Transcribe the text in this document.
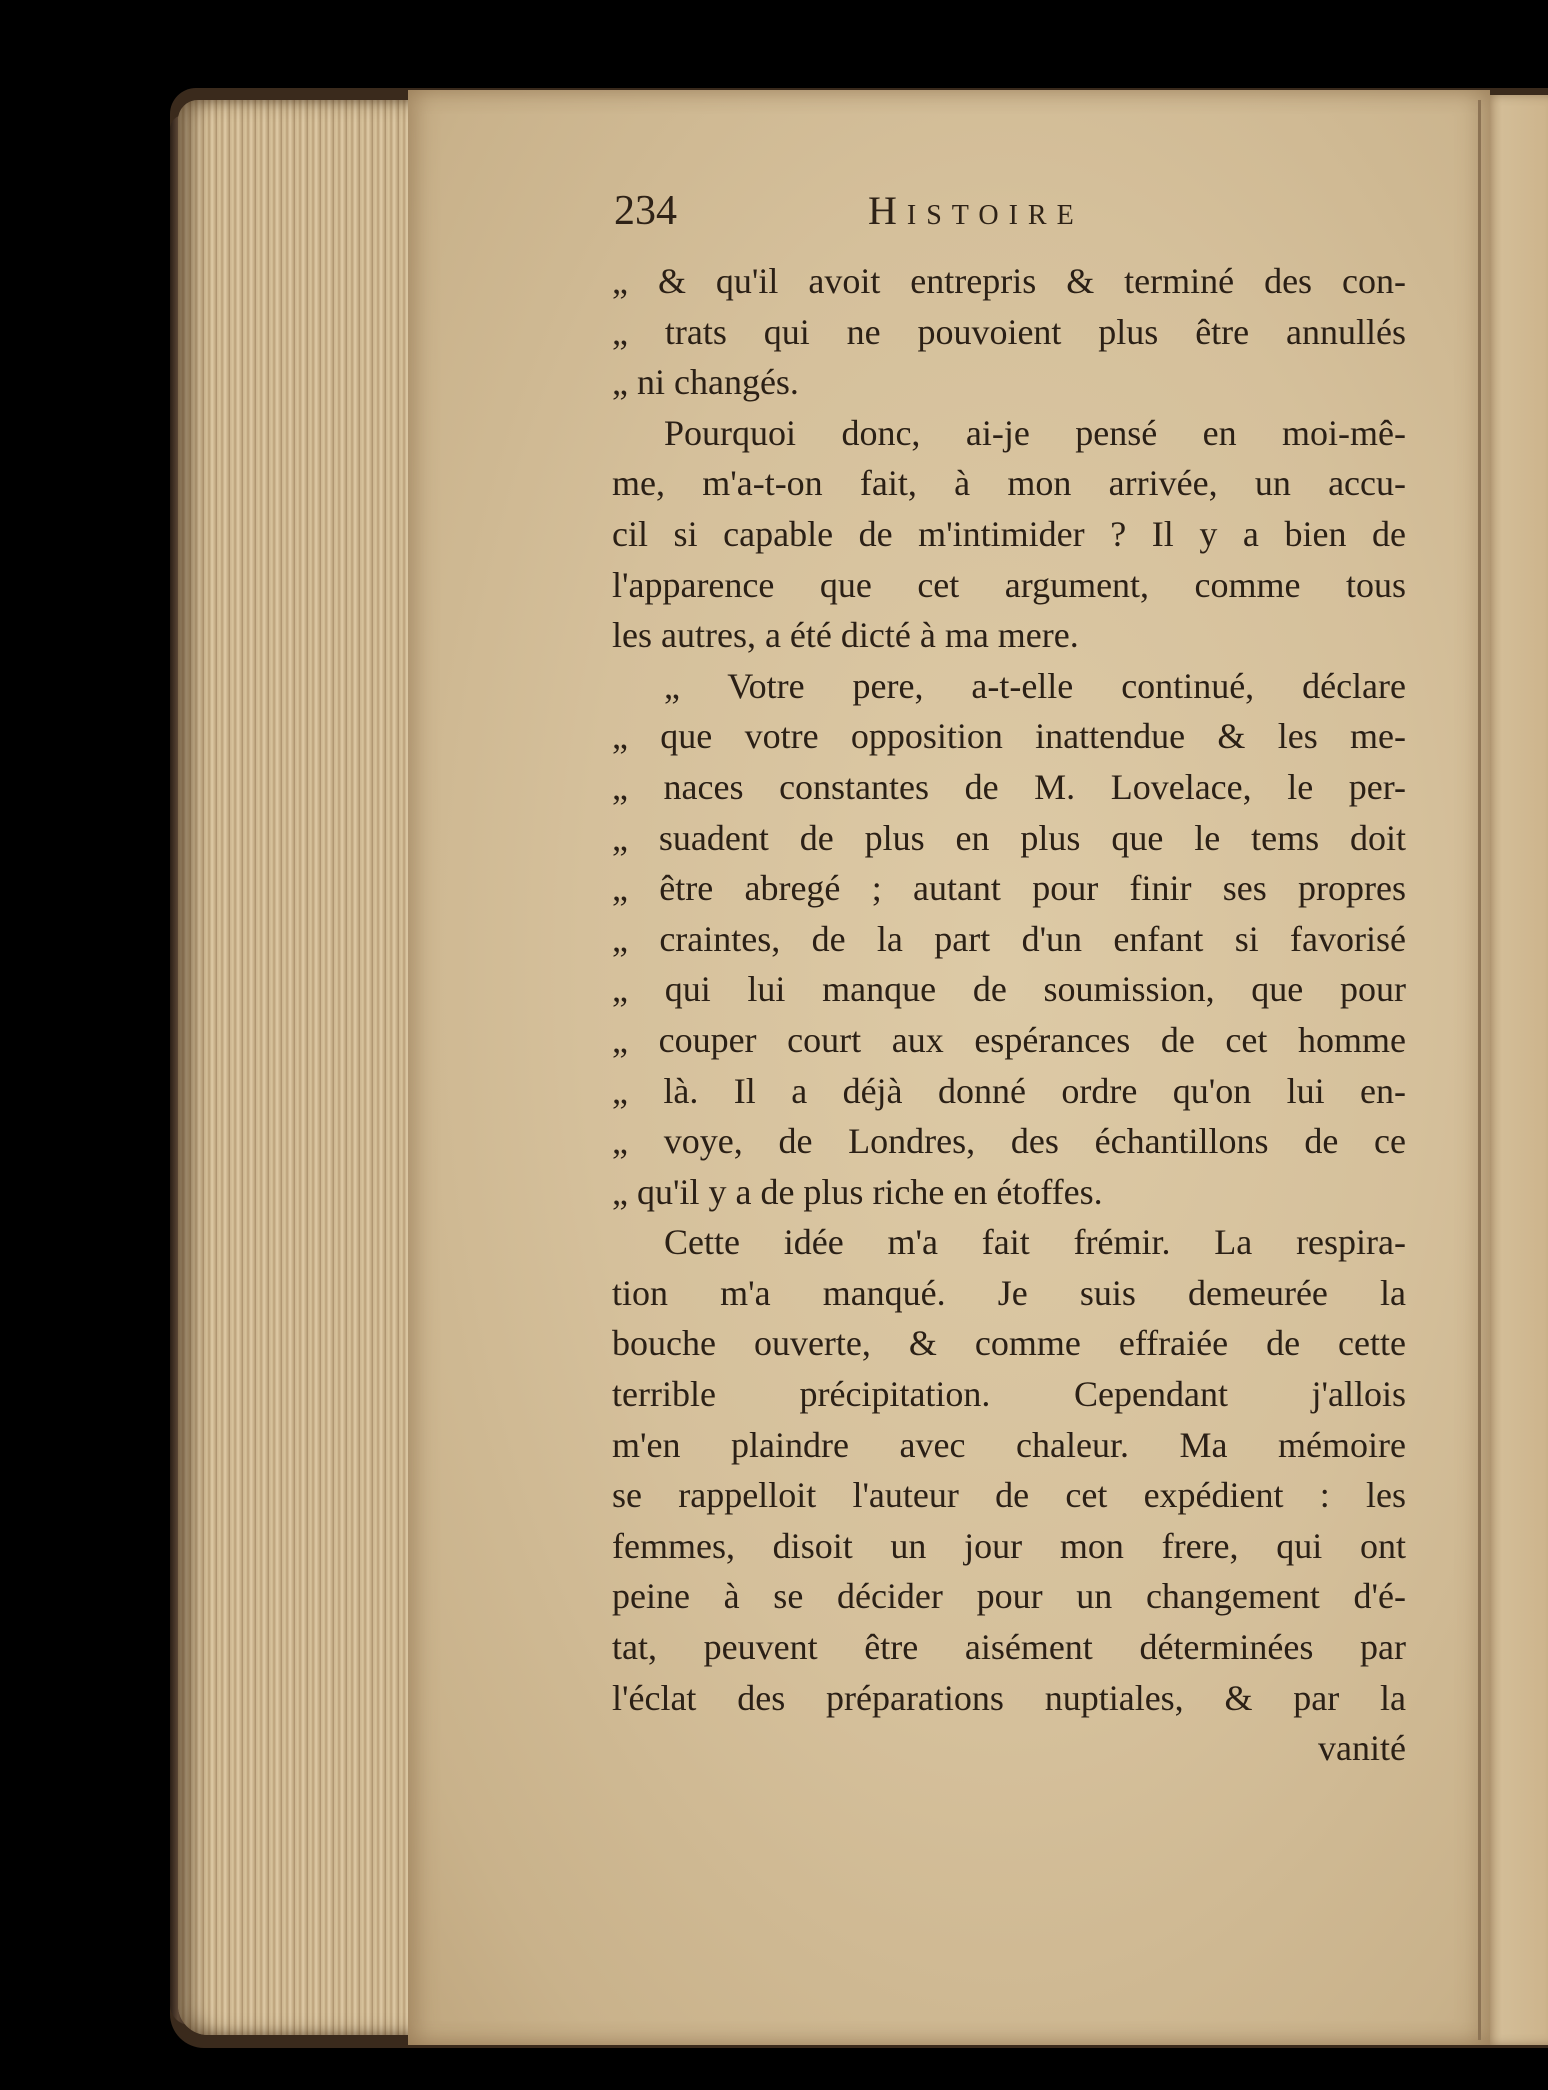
234	Histoire
„ & qu'il avoit entrepris & terminé des con-
„ trats qui ne pouvoient plus être annullés
„ ni changés.
Pourquoi donc, ai-je pensé en moi-mê-
me, m'a-t-on fait, à mon arrivée, un accu-
cil si capable de m'intimider ? Il y a bien de
l'apparence que cet argument, comme tous
les autres, a été dicté à ma mere.
„ Votre pere, a-t-elle continué, déclare
„ que votre opposition inattendue & les me-
„ naces constantes de M. Lovelace, le per-
„ suadent de plus en plus que le tems doit
„ être abregé ; autant pour finir ses propres
„ craintes, de la part d'un enfant si favorisé
„ qui lui manque de soumission, que pour
„ couper court aux espérances de cet homme
„ là. Il a déjà donné ordre qu'on lui en-
„ voye, de Londres, des échantillons de ce
„ qu'il y a de plus riche en étoffes.
Cette idée m'a fait frémir. La respira-
tion m'a manqué. Je suis demeurée la
bouche ouverte, & comme effraiée de cette
terrible précipitation. Cependant j'allois
m'en plaindre avec chaleur. Ma mémoire
se rappelloit l'auteur de cet expédient : les
femmes, disoit un jour mon frere, qui ont
peine à se décider pour un changement d'é-
tat, peuvent être aisément déterminées par
l'éclat des préparations nuptiales, & par la
vanité
